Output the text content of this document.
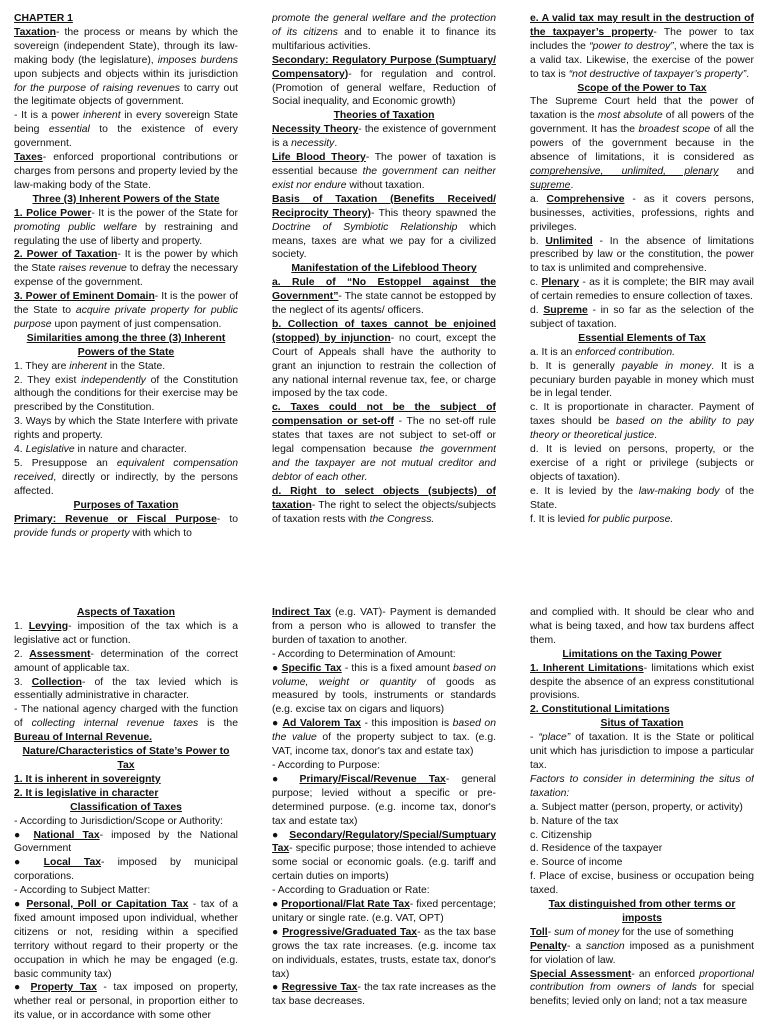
CHAPTER 1

Taxation- the process or means by which the sovereign (independent State), through its law-making body (the legislature), imposes burdens upon subjects and objects within its jurisdiction for the purpose of raising revenues to carry out the legitimate objects of government.

- It is a power inherent in every sovereign State being essential to the existence of every government.

Taxes- enforced proportional contributions or charges from persons and property levied by the law-making body of the State.

Three (3) Inherent Powers of the State

1. Police Power- It is the power of the State for promoting public welfare by restraining and regulating the use of liberty and property.

2. Power of Taxation- It is the power by which the State raises revenue to defray the necessary expense of the government.

3. Power of Eminent Domain- It is the power of the State to acquire private property for public purpose upon payment of just compensation.

Similarities among the three (3) Inherent Powers of the State

1. They are inherent in the State.

2. They exist independently of the Constitution although the conditions for their exercise may be prescribed by the Constitution.

3. Ways by which the State Interfere with private rights and property.

4. Legislative in nature and character.

5. Presuppose an equivalent compensation received, directly or indirectly, by the persons affected.

Purposes of Taxation

Primary: Revenue or Fiscal Purpose- to provide funds or property with which to

promote the general welfare and the protection of its citizens and to enable it to finance its multifarious activities.

Secondary: Regulatory Purpose (Sumptuary/ Compensatory)- for regulation and control. (Promotion of general welfare, Reduction of Social inequality, and Economic growth)

Theories of Taxation

Necessity Theory- the existence of government is a necessity.

Life Blood Theory- The power of taxation is essential because the government can neither exist nor endure without taxation.

Basis of Taxation (Benefits Received/ Reciprocity Theory)- This theory spawned the Doctrine of Symbiotic Relationship which means, taxes are what we pay for a civilized society.

Manifestation of the Lifeblood Theory

a. Rule of “No Estoppel against the Government”- The state cannot be estopped by the neglect of its agents/ officers.

b. Collection of taxes cannot be enjoined (stopped) by injunction- no court, except the Court of Appeals shall have the authority to grant an injunction to restrain the collection of any national internal revenue tax, fee, or charge imposed by the tax code.

c. Taxes could not be the subject of compensation or set-off - The no set-off rule states that taxes are not subject to set-off or legal compensation because the government and the taxpayer are not mutual creditor and debtor of each other.

d. Right to select objects (subjects) of taxation- The right to select the objects/subjects of taxation rests with the Congress.

e. A valid tax may result in the destruction of the taxpayer’s property- The power to tax includes the “power to destroy”, where the tax is a valid tax. Likewise, the exercise of the power to tax is “not destructive of taxpayer’s property”.

Scope of the Power to Tax

The Supreme Court held that the power of taxation is the most absolute of all powers of the government. It has the broadest scope of all the powers of the government because in the absence of limitations, it is considered as comprehensive, unlimited, plenary and supreme.

a. Comprehensive - as it covers persons, businesses, activities, professions, rights and privileges.

b. Unlimited - In the absence of limitations prescribed by law or the constitution, the power to tax is unlimited and comprehensive.

c. Plenary - as it is complete; the BIR may avail of certain remedies to ensure collection of taxes.

d. Supreme - in so far as the selection of the subject of taxation.

Essential Elements of Tax

a. It is an enforced contribution.

b. It is generally payable in money. It is a pecuniary burden payable in money which must be in legal tender.

c. It is proportionate in character. Payment of taxes should be based on the ability to pay theory or theoretical justice.

d. It is levied on persons, property, or the exercise of a right or privilege (subjects or objects of taxation).

e. It is levied by the law-making body of the State.

f. It is levied for public purpose.

Aspects of Taxation

1. Levying- imposition of the tax which is a legislative act or function.

2. Assessment- determination of the correct amount of applicable tax.

3. Collection- of the tax levied which is essentially administrative in character.

- The national agency charged with the function of collecting internal revenue taxes is the Bureau of Internal Revenue.

Nature/Characteristics of State’s Power to Tax

1. It is inherent in sovereignty

2. It is legislative in character

Classification of Taxes

- According to Jurisdiction/Scope or Authority:

● National Tax- imposed by the National Government

● Local Tax- imposed by municipal corporations.

- According to Subject Matter:

● Personal, Poll or Capitation Tax - tax of a fixed amount imposed upon individual, whether citizens or not, residing within a specified territory without regard to their property or the occupation in which he may be engaged (e.g. basic community tax)

● Property Tax - tax imposed on property, whether real or personal, in proportion either to its value, or in accordance with some other

Indirect Tax (e.g. VAT)- Payment is demanded from a person who is allowed to transfer the burden of taxation to another.

- According to Determination of Amount:

● Specific Tax - this is a fixed amount based on volume, weight or quantity of goods as measured by tools, instruments or standards (e.g. excise tax on cigars and liquors)

● Ad Valorem Tax - this imposition is based on the value of the property subject to tax. (e.g. VAT, income tax, donor's tax and estate tax)

- According to Purpose:

● Primary/Fiscal/Revenue Tax- general purpose; levied without a specific or pre-determined purpose. (e.g. income tax, donor's tax and estate tax)

● Secondary/Regulatory/Special/Sumptuary Tax- specific purpose; those intended to achieve some social or economic goals. (e.g. tariff and certain duties on imports)

- According to Graduation or Rate:

● Proportional/Flat Rate Tax- fixed percentage; unitary or single rate. (e.g. VAT, OPT)

● Progressive/Graduated Tax- as the tax base grows the tax rate increases. (e.g. income tax on individuals, estates, trusts, estate tax, donor's tax)

● Regressive Tax- the tax rate increases as the tax base decreases.

and complied with. It should be clear who and what is being taxed, and how tax burdens affect them.

Limitations on the Taxing Power

1. Inherent Limitations- limitations which exist despite the absence of an express constitutional provisions.

2. Constitutional Limitations

Situs of Taxation

- “place” of taxation. It is the State or political unit which has jurisdiction to impose a particular tax.

Factors to consider in determining the situs of taxation:

a. Subject matter (person, property, or activity)

b. Nature of the tax

c. Citizenship

d. Residence of the taxpayer

e. Source of income

f. Place of excise, business or occupation being taxed.

Tax distinguished from other terms or imposts

Toll- sum of money for the use of something

Penalty- a sanction imposed as a punishment for violation of law.

Special Assessment- an enforced proportional contribution from owners of lands for special benefits; levied only on land; not a tax measure
